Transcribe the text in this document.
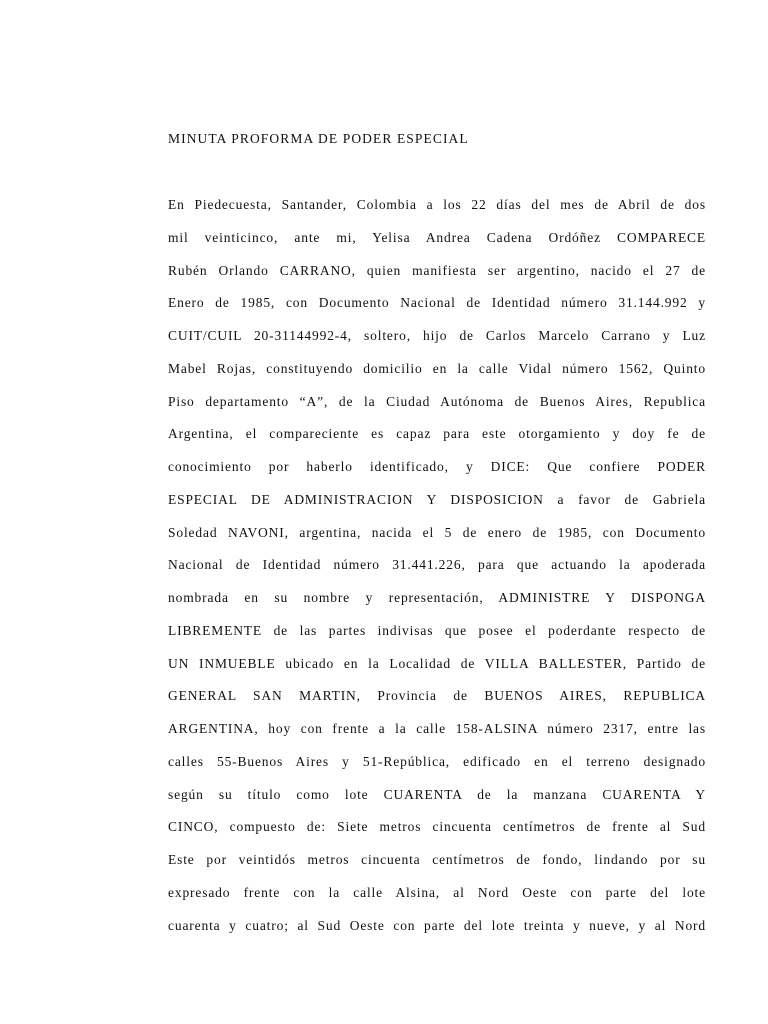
MINUTA PROFORMA DE PODER ESPECIAL
En Piedecuesta, Santander, Colombia a los 22 días del mes de Abril de dos
mil veinticinco, ante mi, Yelisa Andrea Cadena Ordóñez COMPARECE
Rubén Orlando CARRANO, quien manifiesta ser argentino, nacido el 27 de
Enero de 1985, con Documento Nacional de Identidad número 31.144.992 y
CUIT/CUIL 20-31144992-4, soltero, hijo de Carlos Marcelo Carrano y Luz
Mabel Rojas, constituyendo domicilio en la calle Vidal número 1562, Quinto
Piso departamento “A”, de la Ciudad Autónoma de Buenos Aires, Republica
Argentina, el compareciente es capaz para este otorgamiento y doy fe de
conocimiento por haberlo identificado, y DICE: Que confiere PODER
ESPECIAL DE ADMINISTRACION Y DISPOSICION a favor de Gabriela
Soledad NAVONI, argentina, nacida el 5 de enero de 1985, con Documento
Nacional de Identidad número 31.441.226, para que actuando la apoderada
nombrada en su nombre y representación, ADMINISTRE Y DISPONGA
LIBREMENTE de las partes indivisas que posee el poderdante respecto de
UN INMUEBLE ubicado en la Localidad de VILLA BALLESTER, Partido de
GENERAL SAN MARTIN, Provincia de BUENOS AIRES, REPUBLICA
ARGENTINA, hoy con frente a la calle 158-ALSINA número 2317, entre las
calles 55-Buenos Aires y 51-República, edificado en el terreno designado
según su título como lote CUARENTA de la manzana CUARENTA Y
CINCO, compuesto de: Siete metros cincuenta centímetros de frente al Sud
Este por veintidós metros cincuenta centímetros de fondo, lindando por su
expresado frente con la calle Alsina, al Nord Oeste con parte del lote
cuarenta y cuatro; al Sud Oeste con parte del lote treinta y nueve, y al Nord
